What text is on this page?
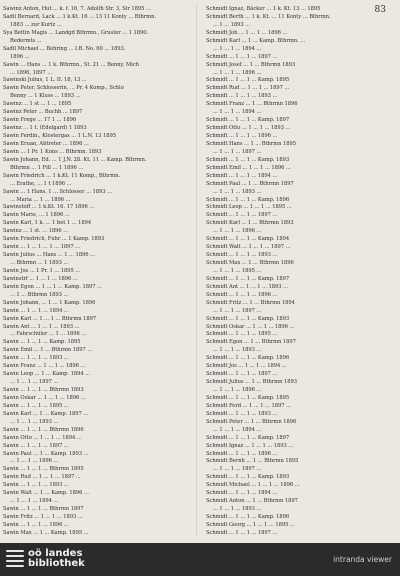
83
Sawinz Anton, Hut ... k. f. 16, 7. Adolfh Str. 3, Sir 1895 ...
Sadil Bernard, Lack ... 1 k.Kt. 16 ... 13 11 Konty ... Bthrmn.
1883 ... zur Kurtz ...
Sya Bettin Magis ... Landgd Bthrmn., Gruster ... 1 1890.
Redermts ...
Sadil Michael ... Behring ... I.B. No. 60 ... 1893.
1896 ...
Sawin ... Hans ... 1 k. Bthrmn., St. 21 ... Benny, Mich
... 1896, 1897 ...
Sawinski Julius, 1 L. II. 18, 13 ...
Sawin Peter, Schlosserin, ... Pr. 4 Komp., Schlo
Benny ... 1 Kluss ... 1893 ...
Sawinz ... 1 st ... 1 ... 1895
Sawinz Peter ... Buchh ... 1897
Sawin Frege ... 17 1 ... 1896
Sawinz ... 1 t. (Edelgard) 1 1893
Sawin Ferdin., Klostergas ... 1 L.N. 13 1895
Sawin Eruan, Abtreter ... 1896 ...
Sawin ... 1 Pr. 1 Kons ... Bthrmn. 1893
Sawin Johann, Ed. ... 1 J.N. 28. Kt. 11 ... Kamp. Bthrmn.
Bthrmn ... 1 Fill ... 1 1896 ...
Sawin Friedrich ... 1 k.Kt. 11 Komp., Bthrmn.
... Erathe, ... 1 t 1896 ...
Sawin ... 1 Hans. 1 ... Schlosser ... 1893 ...
... Maria ... 1 ... 1896 ...
Sawinstoff ... 1 k.Kt. 16. 17 1896 ...
Sawin Marie, ... 1 1896 ...
Sawin Karl, 1 k. ... 1 bet 1 ... 1894
Sawinz ... 1 st. ... 1896 ...
Sawin Friedrich, Fuhr ... 1 Kamp. 1893
Sawin ... 1 ... 1 ... 1 ... 1897 ...
Sawin Julius ... Hans ... 1 ... 1896 ...
... Bthrmn ... 1 1893 ...
Sawin Jos ... 1 Pr. 1 ... 1895 ...
Sawinstrf ... 1 ... 1 ... 1896 ...
Sawin Egon ... 1 ... 1 ... Kamp. 1897 ...
... 1 ... Bthrmn 1893 ...
Sawin Johann, ... 1 ... 1 Kamp. 1896
Sawin ... 1 ... 1 ... 1894 ...
Sawin Karl ... 1 ... 1 ... Bthrmn 1897
Sawin Ant ... 1 ... 1 ... 1893 ...
... Fahrschüler ... 1 ... 1896 ...
Sawin ... 1 ... 1 ... Kamp. 1895
Sawin Emil ... 1 ... Bthrmn 1897 ...
Sawin ... 1 ... 1 ... 1893 ...
Sawin Franz ... 1 ... 1 ... 1896 ...
Sawin Leop ... 1 ... Kamp. 1894 ...
... 1 ... 1 ... 1897 ...
Sawin ... 1 ... 1 ... Bthrmn 1893
Sawin Oskar ... 1 ... 1 ... 1896 ...
Sawin ... 1 ... 1 ... 1895 ...
Sawin Karl ... 1 ... Kamp. 1897 ...
... 1 ... 1 ... 1893 ...
Sawin ... 1 ... 1 ... Bthrmn 1896
Sawin Otto ... 1 ... 1 ... 1894 ...
Sawin ... 1 ... 1 ... 1897 ...
Sawin Paul ... 1 ... Kamp. 1893 ...
... 1 ... 1 ... 1896 ...
Sawin ... 1 ... 1 ... Bthrmn 1895
Sawin Rud ... 1 ... 1 ... 1897 ...
Sawin ... 1 ... 1 ... 1893 ...
Sawin Walt ... 1 ... Kamp. 1896 ...
... 1 ... 1 ... 1894 ...
Sawin ... 1 ... 1 ... Bthrmn 1897
Sawin Fritz ... 1 ... 1 ... 1893 ...
Sawin ... 1 ... 1 ... 1896 ...
Sawin Max ... 1 ... Kamp. 1895 ...
Schmidt Ignaz, Bäcker ... 1 k. Kt. 13 ... 1895
Schmidt Berth ... 1 k. Kt. ... 11 Konty ... Bthrmn.
... 1 ... 1893 ...
Schmidt Joh ... 1 ... 1 ... 1896 ...
Schmidt Karl ... 1 ... Kamp. Bthrmn. ...
... 1 ... 1 ... 1894 ...
Schmidt ... 1 ... 1 ... 1897 ...
Schmidt Josef ... 1 ... Bthrmn 1893
... 1 ... 1 ... 1896 ...
Schmidt ... 1 ... 1 ... Kamp. 1895
Schmidt Rud ... 1 ... 1 ... 1897 ...
Schmidt ... 1 ... 1 ... 1893 ...
Schmidt Franz ... 1 ... Bthrmn 1896
... 1 ... 1 ... 1894 ...
Schmidt ... 1 ... 1 ... Kamp. 1897
Schmidt Otto ... 1 ... 1 ... 1893 ...
Schmidt ... 1 ... 1 ... 1896 ...
Schmidt Hans ... 1 ... Bthrmn 1895
... 1 ... 1 ... 1897 ...
Schmidt ... 1 ... 1 ... Kamp. 1893
Schmidt Emil ... 1 ... 1 ... 1896 ...
Schmidt ... 1 ... 1 ... 1894 ...
Schmidt Paul ... 1 ... Bthrmn 1897
... 1 ... 1 ... 1893 ...
Schmidt ... 1 ... 1 ... Kamp. 1896
Schmidt Leop ... 1 ... 1 ... 1895 ...
Schmidt ... 1 ... 1 ... 1897 ...
Schmidt Karl ... 1 ... Bthrmn 1893
... 1 ... 1 ... 1896 ...
Schmidt ... 1 ... 1 ... Kamp. 1894
Schmidt Walt ... 1 ... 1 ... 1897 ...
Schmidt ... 1 ... 1 ... 1893 ...
Schmidt Max ... 1 ... Bthrmn 1896
... 1 ... 1 ... 1895 ...
Schmidt ... 1 ... 1 ... Kamp. 1897
Schmidt Ant ... 1 ... 1 ... 1893 ...
Schmidt ... 1 ... 1 ... 1896 ...
Schmidt Fritz ... 1 ... Bthrmn 1894
... 1 ... 1 ... 1897 ...
Schmidt ... 1 ... 1 ... Kamp. 1893
Schmidt Oskar ... 1 ... 1 ... 1896 ...
Schmidt ... 1 ... 1 ... 1895 ...
Schmidt Egon ... 1 ... Bthrmn 1897
... 1 ... 1 ... 1893 ...
Schmidt ... 1 ... 1 ... Kamp. 1896
Schmidt Jos ... 1 ... 1 ... 1894 ...
Schmidt ... 1 ... 1 ... 1897 ...
Schmidt Julius ... 1 ... Bthrmn 1893
... 1 ... 1 ... 1896 ...
Schmidt ... 1 ... 1 ... Kamp. 1895
Schmidt Ferd ... 1 ... 1 ... 1897 ...
Schmidt ... 1 ... 1 ... 1893 ...
Schmidt Peter ... 1 ... Bthrmn 1896
... 1 ... 1 ... 1894 ...
Schmidt ... 1 ... 1 ... Kamp. 1897
Schmidt Ignaz ... 1 ... 1 ... 1893 ...
Schmidt ... 1 ... 1 ... 1896 ...
Schmidt Bernh ... 1 ... Bthrmn 1895
... 1 ... 1 ... 1897 ...
Schmidt ... 1 ... 1 ... Kamp. 1893
Schmidt Michael ... 1 ... 1 ... 1896 ...
Schmidt ... 1 ... 1 ... 1894 ...
Schmidt Anton ... 1 ... Bthrmn 1897
... 1 ... 1 ... 1893 ...
Schmidt ... 1 ... 1 ... Kamp. 1896
Schmidt Georg ... 1 ... 1 ... 1895 ...
Schmidt ... 1 ... 1 ... 1897 ...
oö landes
bibliothek	intranda viewer
